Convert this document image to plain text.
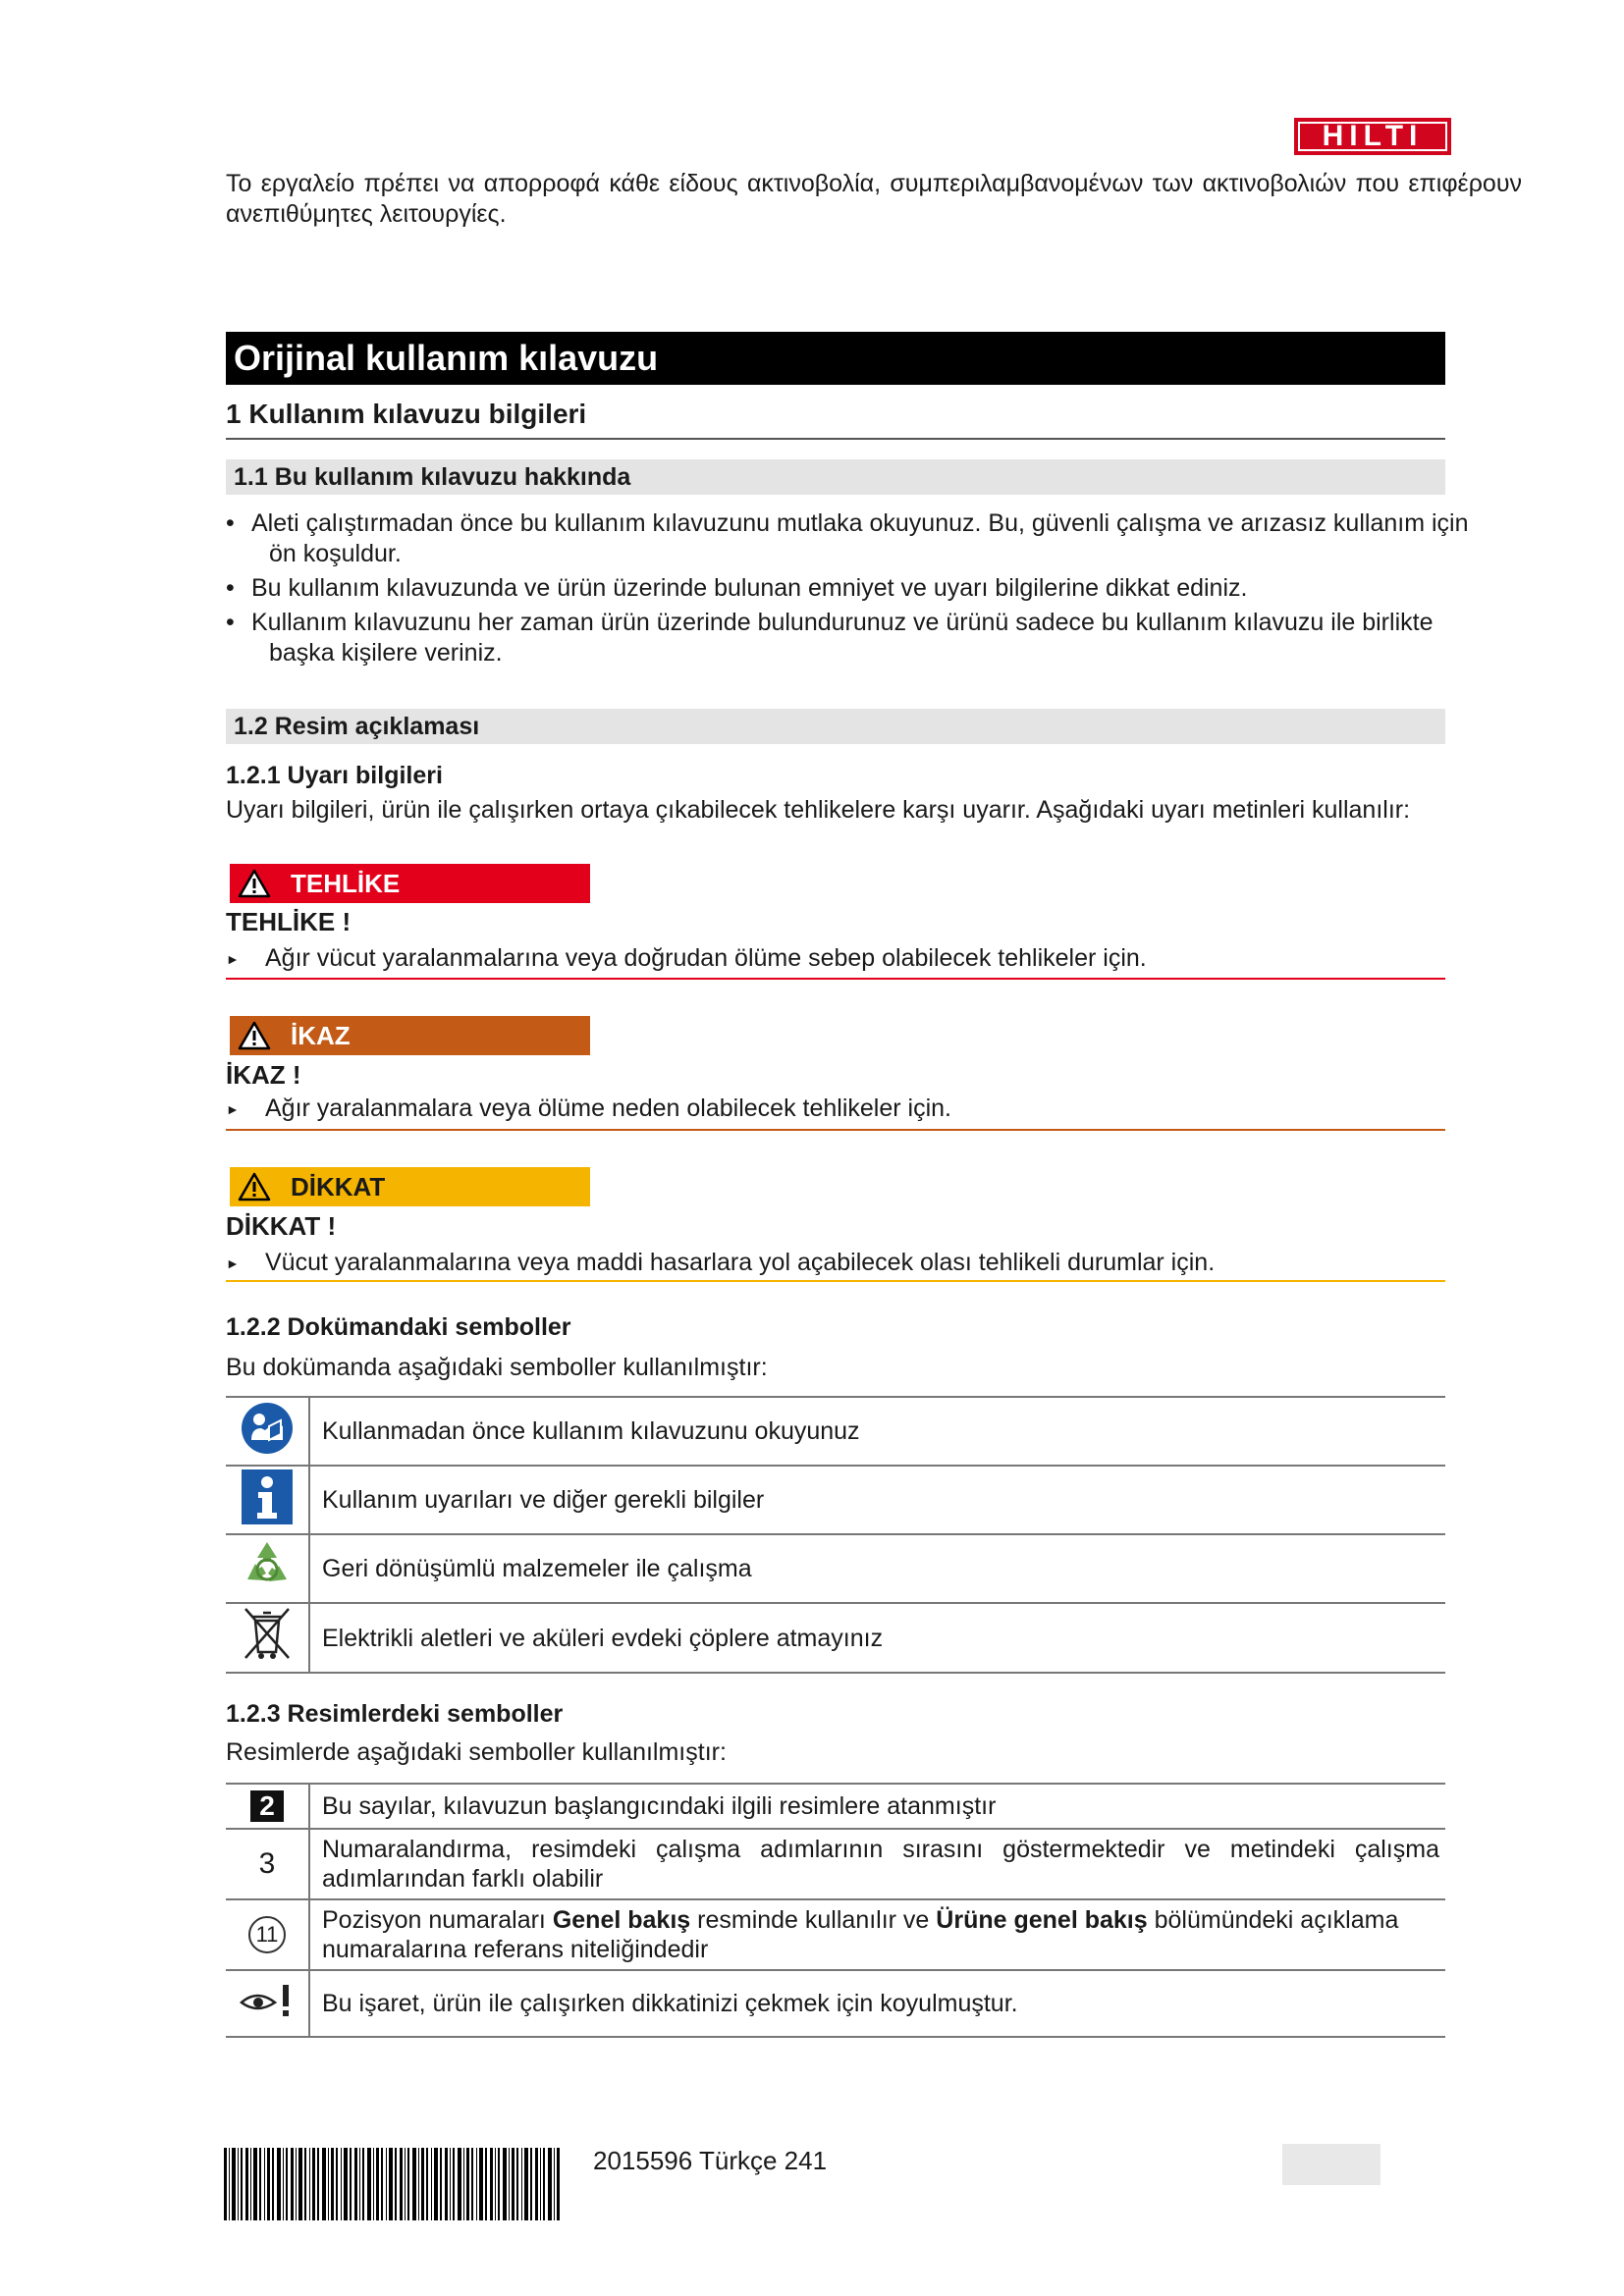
HILTI
Το εργαλείο πρέπει να απορροφά κάθε είδους ακτινοβολία, συμπεριλαμβανομένων των ακτινοβολιών που επιφέρουν ανεπιθύμητες λειτουργίες.
Orijinal kullanım kılavuzu
1 Kullanım kılavuzu bilgileri
1.1 Bu kullanım kılavuzu hakkında
• Aleti çalıştırmadan önce bu kullanım kılavuzunu mutlaka okuyunuz. Bu, güvenli çalışma ve arızasız kullanım için ön koşuldur.
• Bu kullanım kılavuzunda ve ürün üzerinde bulunan emniyet ve uyarı bilgilerine dikkat ediniz.
• Kullanım kılavuzunu her zaman ürün üzerinde bulundurunuz ve ürünü sadece bu kullanım kılavuzu ile birlikte başka kişilere veriniz.
1.2 Resim açıklaması
1.2.1 Uyarı bilgileri
Uyarı bilgileri, ürün ile çalışırken ortaya çıkabilecek tehlikelere karşı uyarır. Aşağıdaki uyarı metinleri kullanılır:
TEHLİKE
TEHLİKE !
► Ağır vücut yaralanmalarına veya doğrudan ölüme sebep olabilecek tehlikeler için.
İKAZ
İKAZ !
► Ağır yaralanmalara veya ölüme neden olabilecek tehlikeler için.
DİKKAT
DİKKAT !
► Vücut yaralanmalarına veya maddi hasarlara yol açabilecek olası tehlikeli durumlar için.
1.2.2 Dokümandaki semboller
Bu dokümanda aşağıdaki semboller kullanılmıştır:
	Kullanmadan önce kullanım kılavuzunu okuyunuz
	Kullanım uyarıları ve diğer gerekli bilgiler
	Geri dönüşümlü malzemeler ile çalışma
	Elektrikli aletleri ve aküleri evdeki çöplere atmayınız
1.2.3 Resimlerdeki semboller
Resimlerde aşağıdaki semboller kullanılmıştır:
2	Bu sayılar, kılavuzun başlangıcındaki ilgili resimlere atanmıştır
3	Numaralandırma, resimdeki çalışma adımlarının sırasını göstermektedir ve metindeki çalışma adımlarından farklı olabilir
11	Pozisyon numaraları Genel bakış resminde kullanılır ve Ürüne genel bakış bölümündeki açıklama numaralarına referans niteliğindedir
	Bu işaret, ürün ile çalışırken dikkatinizi çekmek için koyulmuştur.
2015596 Türkçe 241
